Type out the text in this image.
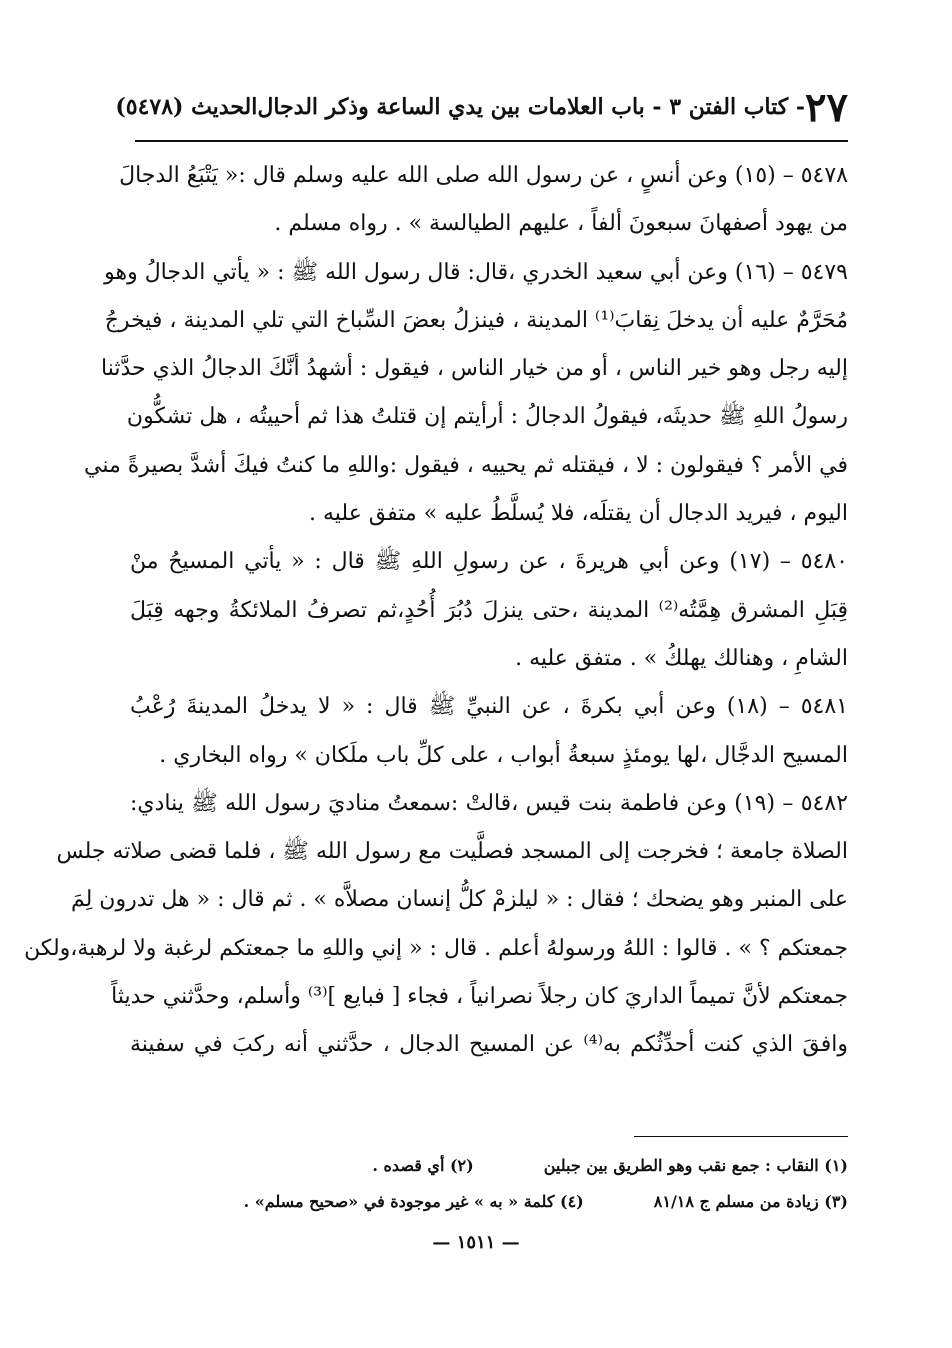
٢٧
- كتاب الفتن ٣ - باب العلامات بين يدي الساعة وذكر الدجال
الحديث (٥٤٧٨)
٥٤٧٨ – (١٥) وعن أنسٍ ، عن رسول الله صلى الله عليه وسلم قال :« يَتْبَعُ الدجالَ
من يهود أصفهانَ سبعونَ ألفاً ، عليهم الطيالسة » . رواه مسلم .
٥٤٧٩ – (١٦) وعن أبي سعيد الخدري ،قال: قال رسول الله ﷺ : « يأتي الدجالُ وهو
مُحَرَّمٌ عليه أن يدخلَ نِقابَ⁽¹⁾ المدينة ، فينزلُ بعضَ السِّباخ التي تلي المدينة ، فيخرجُ
إليه رجل وهو خير الناس ، أو من خيار الناس ، فيقول : أشهدُ أنَّكَ الدجالُ الذي حدَّثنا
رسولُ اللهِ ﷺ حديثَه، فيقولُ الدجالُ : أرأيتم إن قتلتُ هذا ثم أحييتُه ، هل تشكُّون
في الأمر ؟ فيقولون : لا ، فيقتله ثم يحييه ، فيقول :واللهِ ما كنتُ فيكَ أشدَّ بصيرةً مني
اليوم ، فيريد الدجال أن يقتلَه، فلا يُسلَّطُ عليه » متفق عليه .
٥٤٨٠ – (١٧) وعن أبي هريرةَ ، عن رسولِ اللهِ ﷺ قال : « يأتي المسيحُ منْ
قِبَلِ المشرق هِمَّتُه⁽²⁾ المدينة ،حتى ينزلَ دُبُرَ أُحُدٍ،ثم تصرفُ الملائكةُ وجهه قِبَلَ
الشامِ ، وهنالك يهلكُ » . متفق عليه .
٥٤٨١ – (١٨) وعن أبي بكرةَ ، عن النبيِّ ﷺ قال : « لا يدخلُ المدينةَ رُعْبُ
المسيح الدجَّال ،لها يومئذٍ سبعةُ أبواب ، على كلِّ باب ملَكان » رواه البخاري .
٥٤٨٢ – (١٩) وعن فاطمة بنت قيس ،قالتْ :سمعتُ مناديَ رسول الله ﷺ ينادي:
الصلاة جامعة ؛ فخرجت إلى المسجد فصلَّيت مع رسول الله ﷺ ، فلما قضى صلاته جلس
على المنبر وهو يضحك ؛ فقال : « ليلزمْ كلُّ إنسان مصلاَّه » . ثم قال : « هل تدرون لِمَ
جمعتكم ؟ » . قالوا : اللهُ ورسولهُ أعلم . قال : « إني واللهِ ما جمعتكم لرغبة ولا لرهبة،ولكن
جمعتكم لأنَّ تميماً الداريَ كان رجلاً نصرانياً ، فجاء [ فبايع ]⁽³⁾ وأسلم، وحدَّثني حديثاً
وافقَ الذي كنت أحدِّثُكم به⁽⁴⁾ عن المسيح الدجال ، حدَّثني أنه ركبَ في سفينة
(١) النقاب : جمع نقب وهو الطريق بين جبلين
(٢) أي قصده .
(٣) زيادة من مسلم ج ٨١/١٨
(٤) كلمة « به » غير موجودة في «صحيح مسلم» .
— ١٥١١ —
